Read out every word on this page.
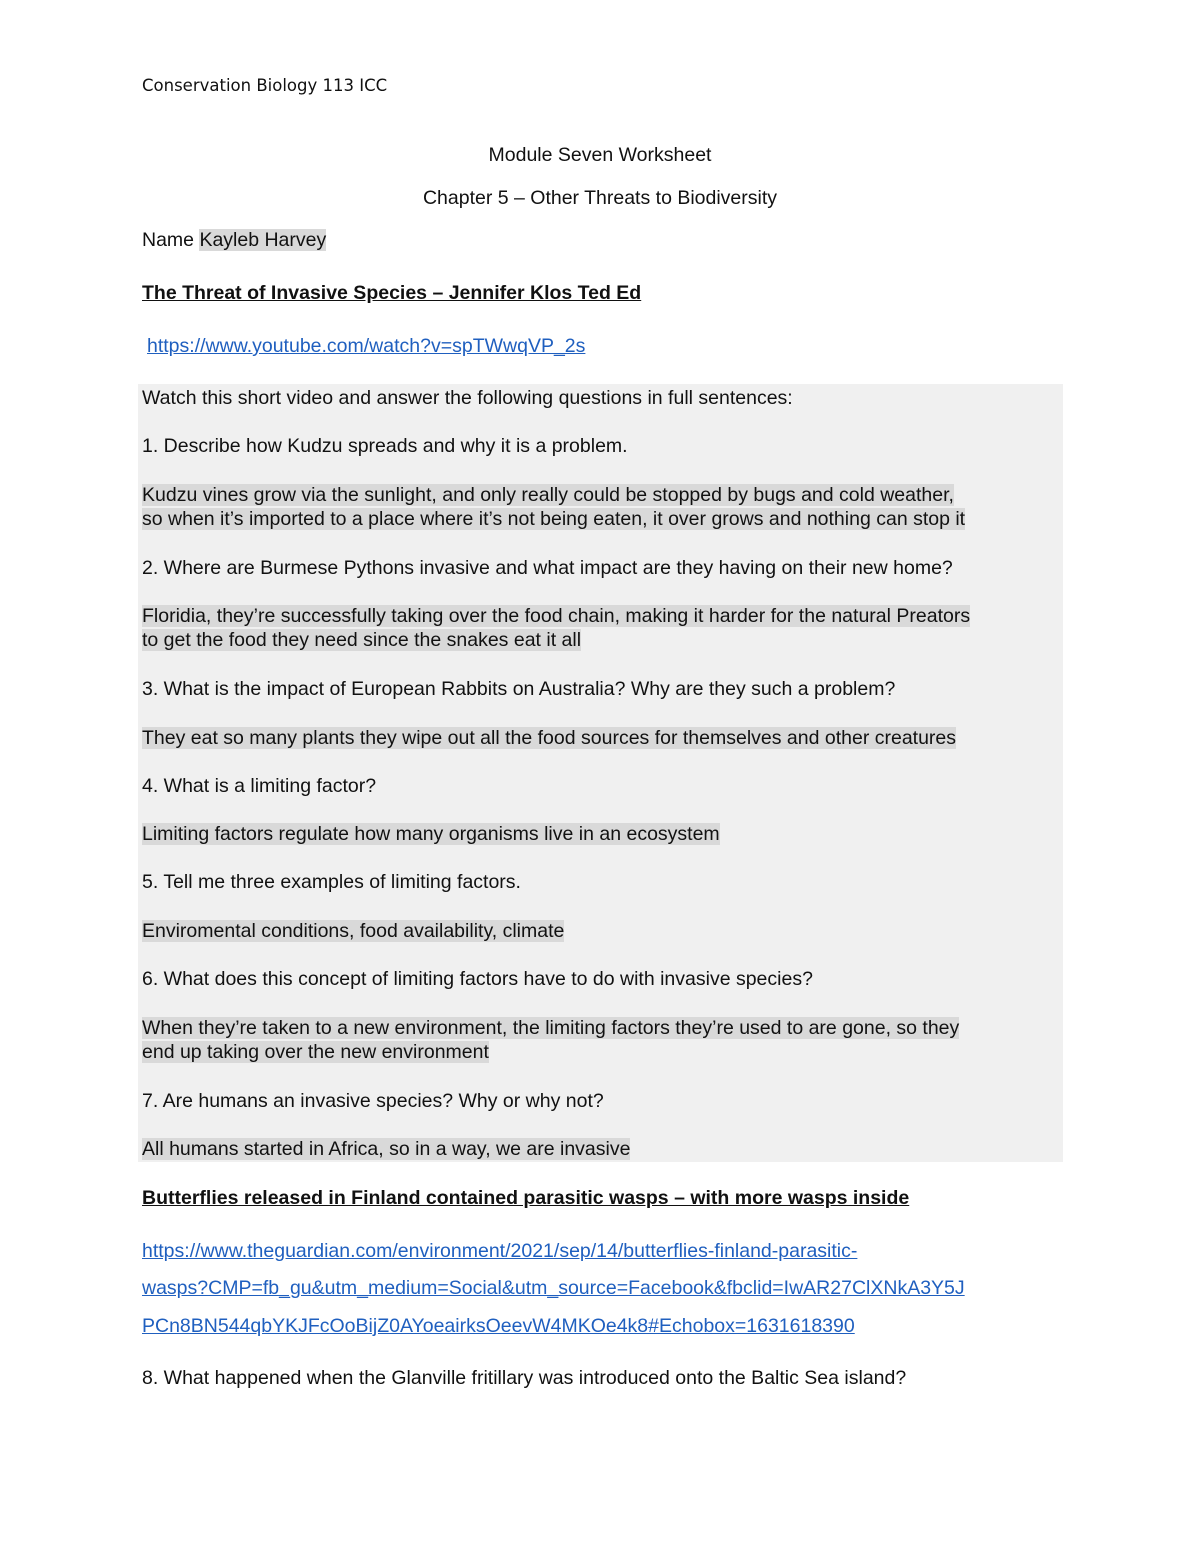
Conservation Biology 113 ICC
Module Seven Worksheet
Chapter 5 – Other Threats to Biodiversity
Name Kayleb Harvey
The Threat of Invasive Species – Jennifer Klos Ted Ed
https://www.youtube.com/watch?v=spTWwqVP_2s
Watch this short video and answer the following questions in full sentences:
1. Describe how Kudzu spreads and why it is a problem.
Kudzu vines grow via the sunlight, and only really could be stopped by bugs and cold weather,
so when it’s imported to a place where it’s not being eaten, it over grows and nothing can stop it
2. Where are Burmese Pythons invasive and what impact are they having on their new home?
Floridia, they’re successfully taking over the food chain, making it harder for the natural Preators
to get the food they need since the snakes eat it all
3. What is the impact of European Rabbits on Australia? Why are they such a problem?
They eat so many plants they wipe out all the food sources for themselves and other creatures
4. What is a limiting factor?
Limiting factors regulate how many organisms live in an ecosystem
5. Tell me three examples of limiting factors.
Enviromental conditions, food availability, climate
6. What does this concept of limiting factors have to do with invasive species?
When they’re taken to a new environment, the limiting factors they’re used to are gone, so they
end up taking over the new environment
7. Are humans an invasive species? Why or why not?
All humans started in Africa, so in a way, we are invasive
Butterflies released in Finland contained parasitic wasps – with more wasps inside
https://www.theguardian.com/environment/2021/sep/14/butterflies-finland-parasitic-
wasps?CMP=fb_gu&utm_medium=Social&utm_source=Facebook&fbclid=IwAR27ClXNkA3Y5J
PCn8BN544qbYKJFcOoBijZ0AYoeairksOeevW4MKOe4k8#Echobox=1631618390
8. What happened when the Glanville fritillary was introduced onto the Baltic Sea island?
